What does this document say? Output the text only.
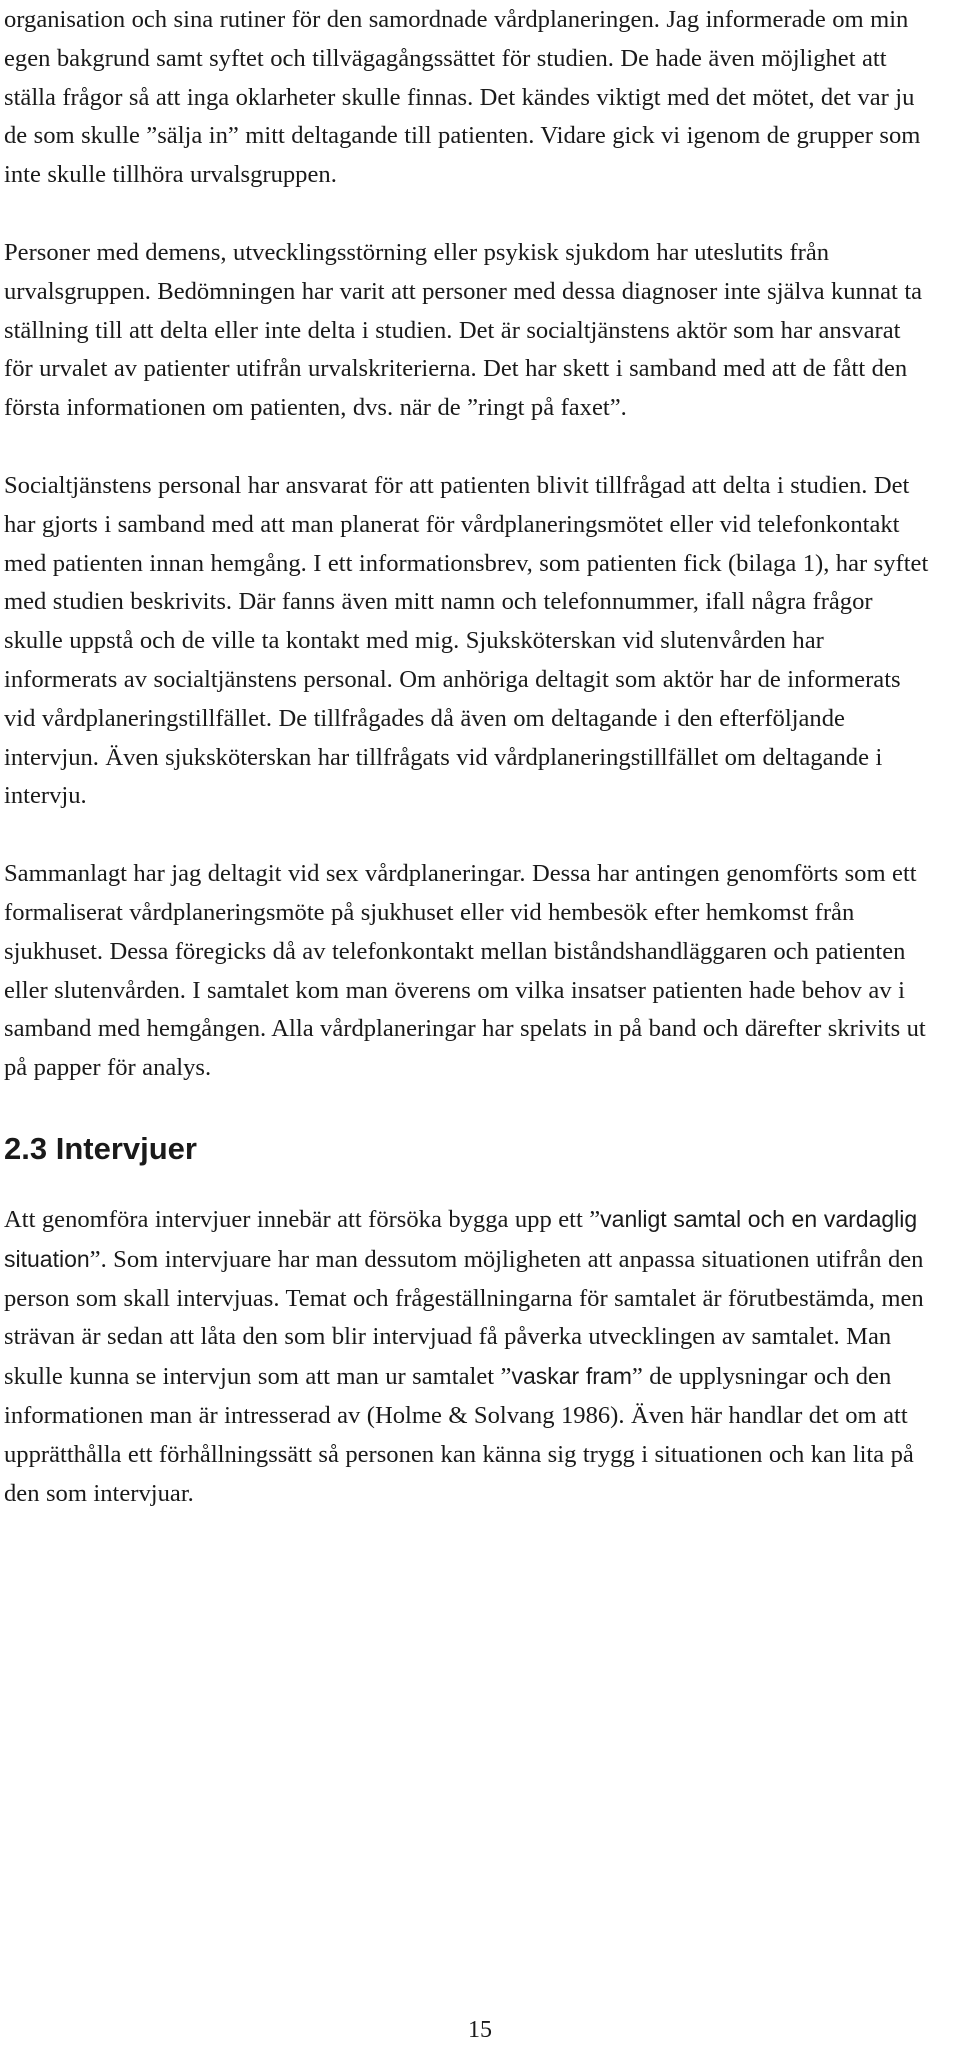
organisation och sina rutiner för den samordnade vårdplaneringen. Jag informerade om min egen bakgrund samt syftet och tillvägagångssättet för studien. De hade även möjlighet att ställa frågor så att inga oklarheter skulle finnas. Det kändes viktigt med det mötet, det var ju de som skulle ”sälja in” mitt deltagande till patienten. Vidare gick vi igenom de grupper som inte skulle tillhöra urvalsgruppen.

Personer med demens, utvecklingsstörning eller psykisk sjukdom har uteslutits från urvalsgruppen. Bedömningen har varit att personer med dessa diagnoser inte själva kunnat ta ställning till att delta eller inte delta i studien. Det är socialtjänstens aktör som har ansvarat för urvalet av patienter utifrån urvalskriterierna. Det har skett i samband med att de fått den första informationen om patienten, dvs. när de ”ringt på faxet”.

Socialtjänstens personal har ansvarat för att patienten blivit tillfrågad att delta i studien. Det har gjorts i samband med att man planerat för vårdplaneringsmötet eller vid telefonkontakt med patienten innan hemgång. I ett informationsbrev, som patienten fick (bilaga 1), har syftet med studien beskrivits. Där fanns även mitt namn och telefonnummer, ifall några frågor skulle uppstå och de ville ta kontakt med mig. Sjuksköterskan vid slutenvården har informerats av socialtjänstens personal. Om anhöriga deltagit som aktör har de informerats vid vårdplaneringstillfället. De tillfrågades då även om deltagande i den efterföljande intervjun. Även sjuksköterskan har tillfrågats vid vårdplaneringstillfället om deltagande i intervju.

Sammanlagt har jag deltagit vid sex vårdplaneringar. Dessa har antingen genomförts som ett formaliserat vårdplaneringsmöte på sjukhuset eller vid hembesök efter hemkomst från sjukhuset. Dessa föregicks då av telefonkontakt mellan biståndshandläggaren och patienten eller slutenvården. I samtalet kom man överens om vilka insatser patienten hade behov av i samband med hemgången. Alla vårdplaneringar har spelats in på band och därefter skrivits ut på papper för analys.

2.3 Intervjuer

Att genomföra intervjuer innebär att försöka bygga upp ett ”vanligt samtal och en vardaglig situation”. Som intervjuare har man dessutom möjligheten att anpassa situationen utifrån den person som skall intervjuas. Temat och frågeställningarna för samtalet är förutbestämda, men strävan är sedan att låta den som blir intervjuad få påverka utvecklingen av samtalet. Man skulle kunna se intervjun som att man ur samtalet ”vaskar fram” de upplysningar och den informationen man är intresserad av (Holme & Solvang 1986). Även här handlar det om att upprätthålla ett förhållningssätt så personen kan känna sig trygg i situationen och kan lita på den som intervjuar.

15
